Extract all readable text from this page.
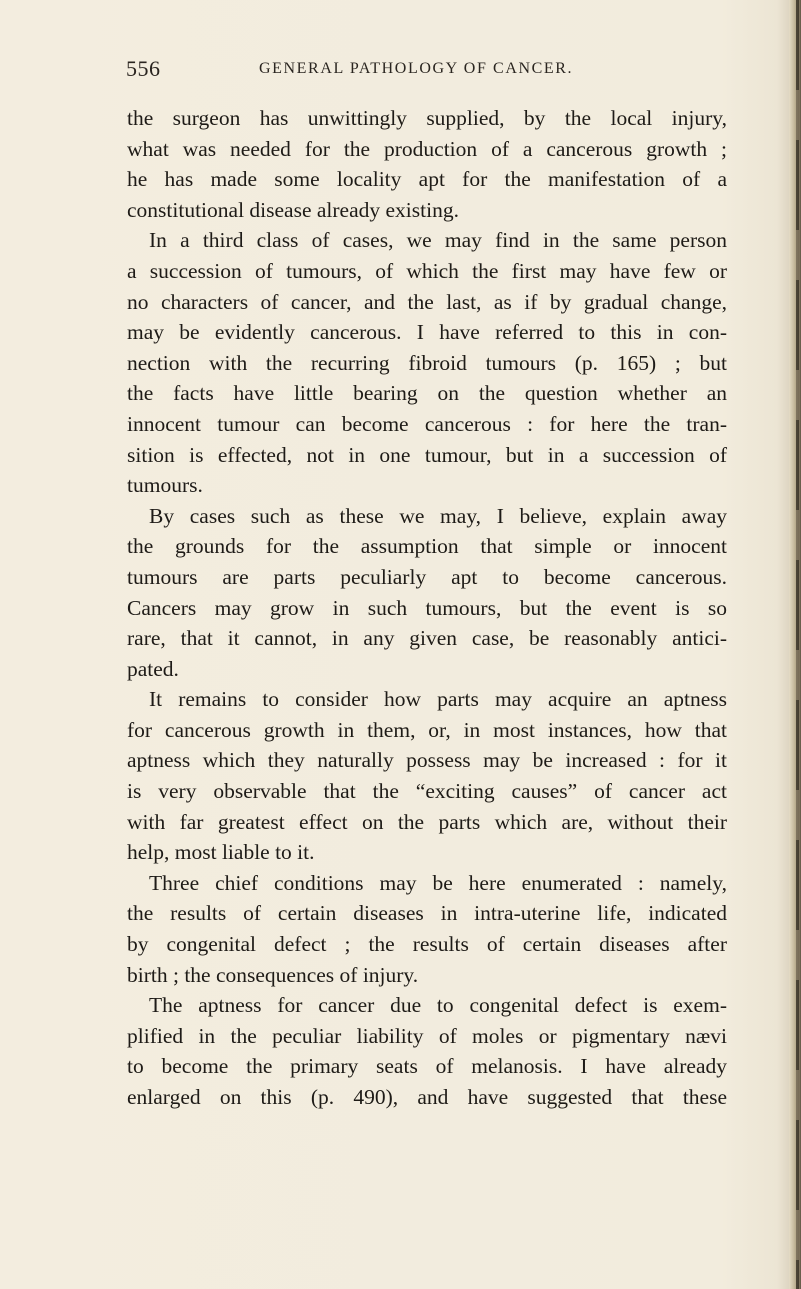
556	GENERAL PATHOLOGY OF CANCER.
the surgeon has unwittingly supplied, by the local injury,
what was needed for the production of a cancerous growth ;
he has made some locality apt for the manifestation of a
constitutional disease already existing.
In a third class of cases, we may find in the same person
a succession of tumours, of which the first may have few or
no characters of cancer, and the last, as if by gradual change,
may be evidently cancerous. I have referred to this in con-
nection with the recurring fibroid tumours (p. 165) ; but
the facts have little bearing on the question whether an
innocent tumour can become cancerous : for here the tran-
sition is effected, not in one tumour, but in a succession of
tumours.
By cases such as these we may, I believe, explain away
the grounds for the assumption that simple or innocent
tumours are parts peculiarly apt to become cancerous.
Cancers may grow in such tumours, but the event is so
rare, that it cannot, in any given case, be reasonably antici-
pated.
It remains to consider how parts may acquire an aptness
for cancerous growth in them, or, in most instances, how that
aptness which they naturally possess may be increased : for it
is very observable that the “exciting causes” of cancer act
with far greatest effect on the parts which are, without their
help, most liable to it.
Three chief conditions may be here enumerated : namely,
the results of certain diseases in intra-uterine life, indicated
by congenital defect ; the results of certain diseases after
birth ; the consequences of injury.
The aptness for cancer due to congenital defect is exem-
plified in the peculiar liability of moles or pigmentary nævi
to become the primary seats of melanosis. I have already
enlarged on this (p. 490), and have suggested that these
